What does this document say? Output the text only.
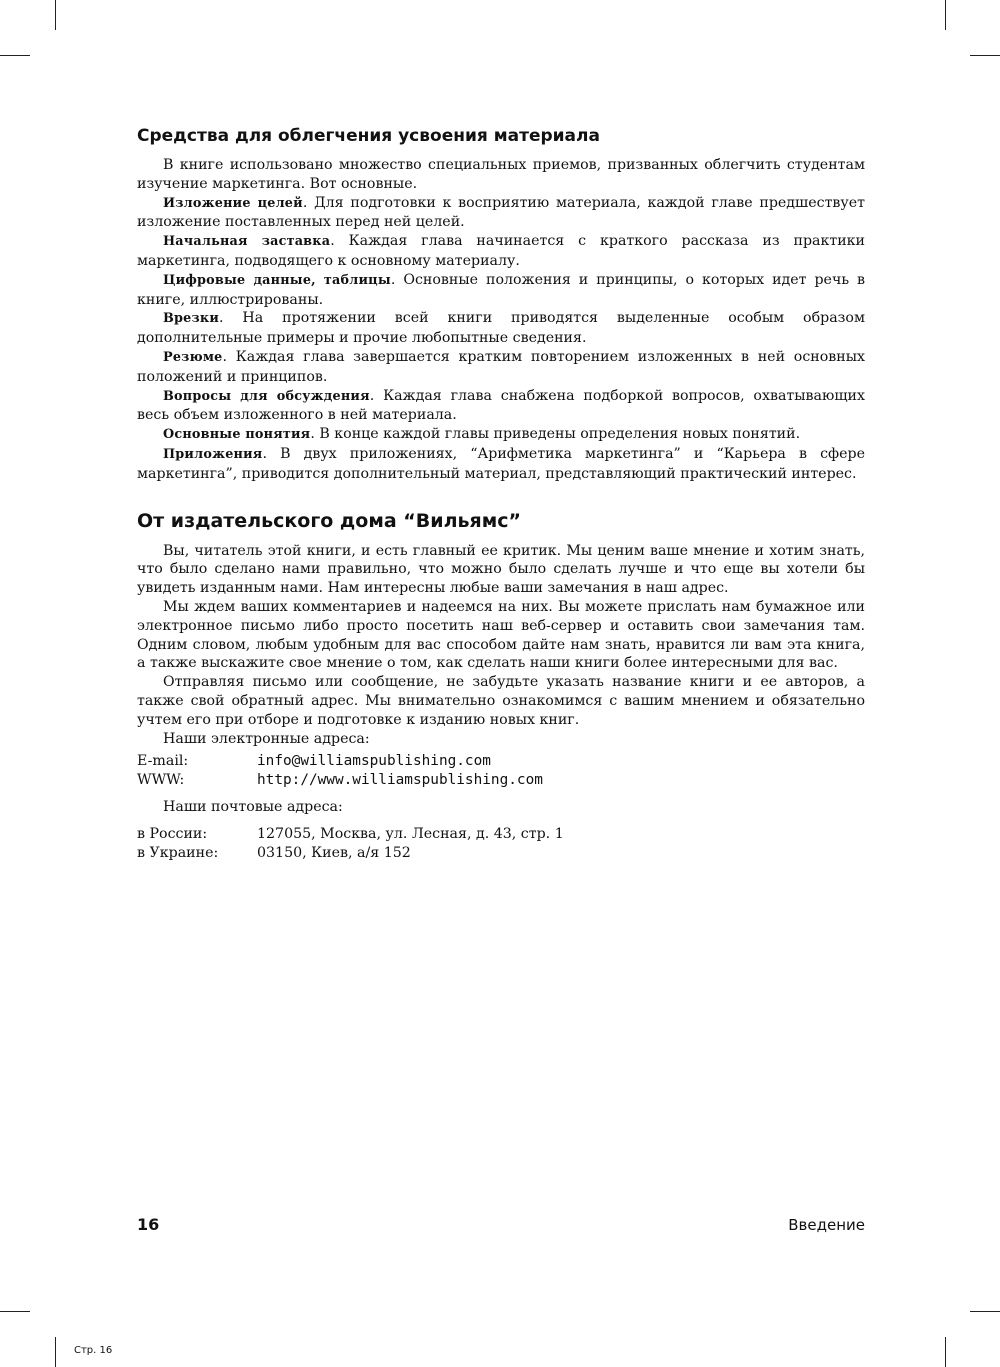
Средства для облегчения усвоения материала

В книге использовано множество специальных приемов, призванных облегчить студентам изучение маркетинга. Вот основные.

Изложение целей. Для подготовки к восприятию материала, каждой главе предшествует изложение поставленных перед ней целей.

Начальная заставка. Каждая глава начинается с краткого рассказа из практики маркетинга, подводящего к основному материалу.

Цифровые данные, таблицы. Основные положения и принципы, о которых идет речь в книге, иллюстрированы.

Врезки. На протяжении всей книги приводятся выделенные особым образом дополнительные примеры и прочие любопытные сведения.

Резюме. Каждая глава завершается кратким повторением изложенных в ней основных положений и принципов.

Вопросы для обсуждения. Каждая глава снабжена подборкой вопросов, охватывающих весь объем изложенного в ней материала.

Основные понятия. В конце каждой главы приведены определения новых понятий.

Приложения. В двух приложениях, “Арифметика маркетинга” и “Карьера в сфере маркетинга”, приводится дополнительный материал, представляющий практический интерес.

От издательского дома “Вильямс”

Вы, читатель этой книги, и есть главный ее критик. Мы ценим ваше мнение и хотим знать, что было сделано нами правильно, что можно было сделать лучше и что еще вы хотели бы увидеть изданным нами. Нам интересны любые ваши замечания в наш адрес.

Мы ждем ваших комментариев и надеемся на них. Вы можете прислать нам бумажное или электронное письмо либо просто посетить наш веб-сервер и оставить свои замечания там. Одним словом, любым удобным для вас способом дайте нам знать, нравится ли вам эта книга, а также выскажите свое мнение о том, как сделать наши книги более интересными для вас.

Отправляя письмо или сообщение, не забудьте указать название книги и ее авторов, а также свой обратный адрес. Мы внимательно ознакомимся с вашим мнением и обязательно учтем его при отборе и подготовке к изданию новых книг.

Наши электронные адреса:

E-mail:	info@williamspublishing.com
WWW:	http://www.williamspublishing.com

Наши почтовые адреса:

в России:	127055, Москва, ул. Лесная, д. 43, стр. 1
в Украине:	03150, Киев, а/я 152
16	Введение
Стр. 16
